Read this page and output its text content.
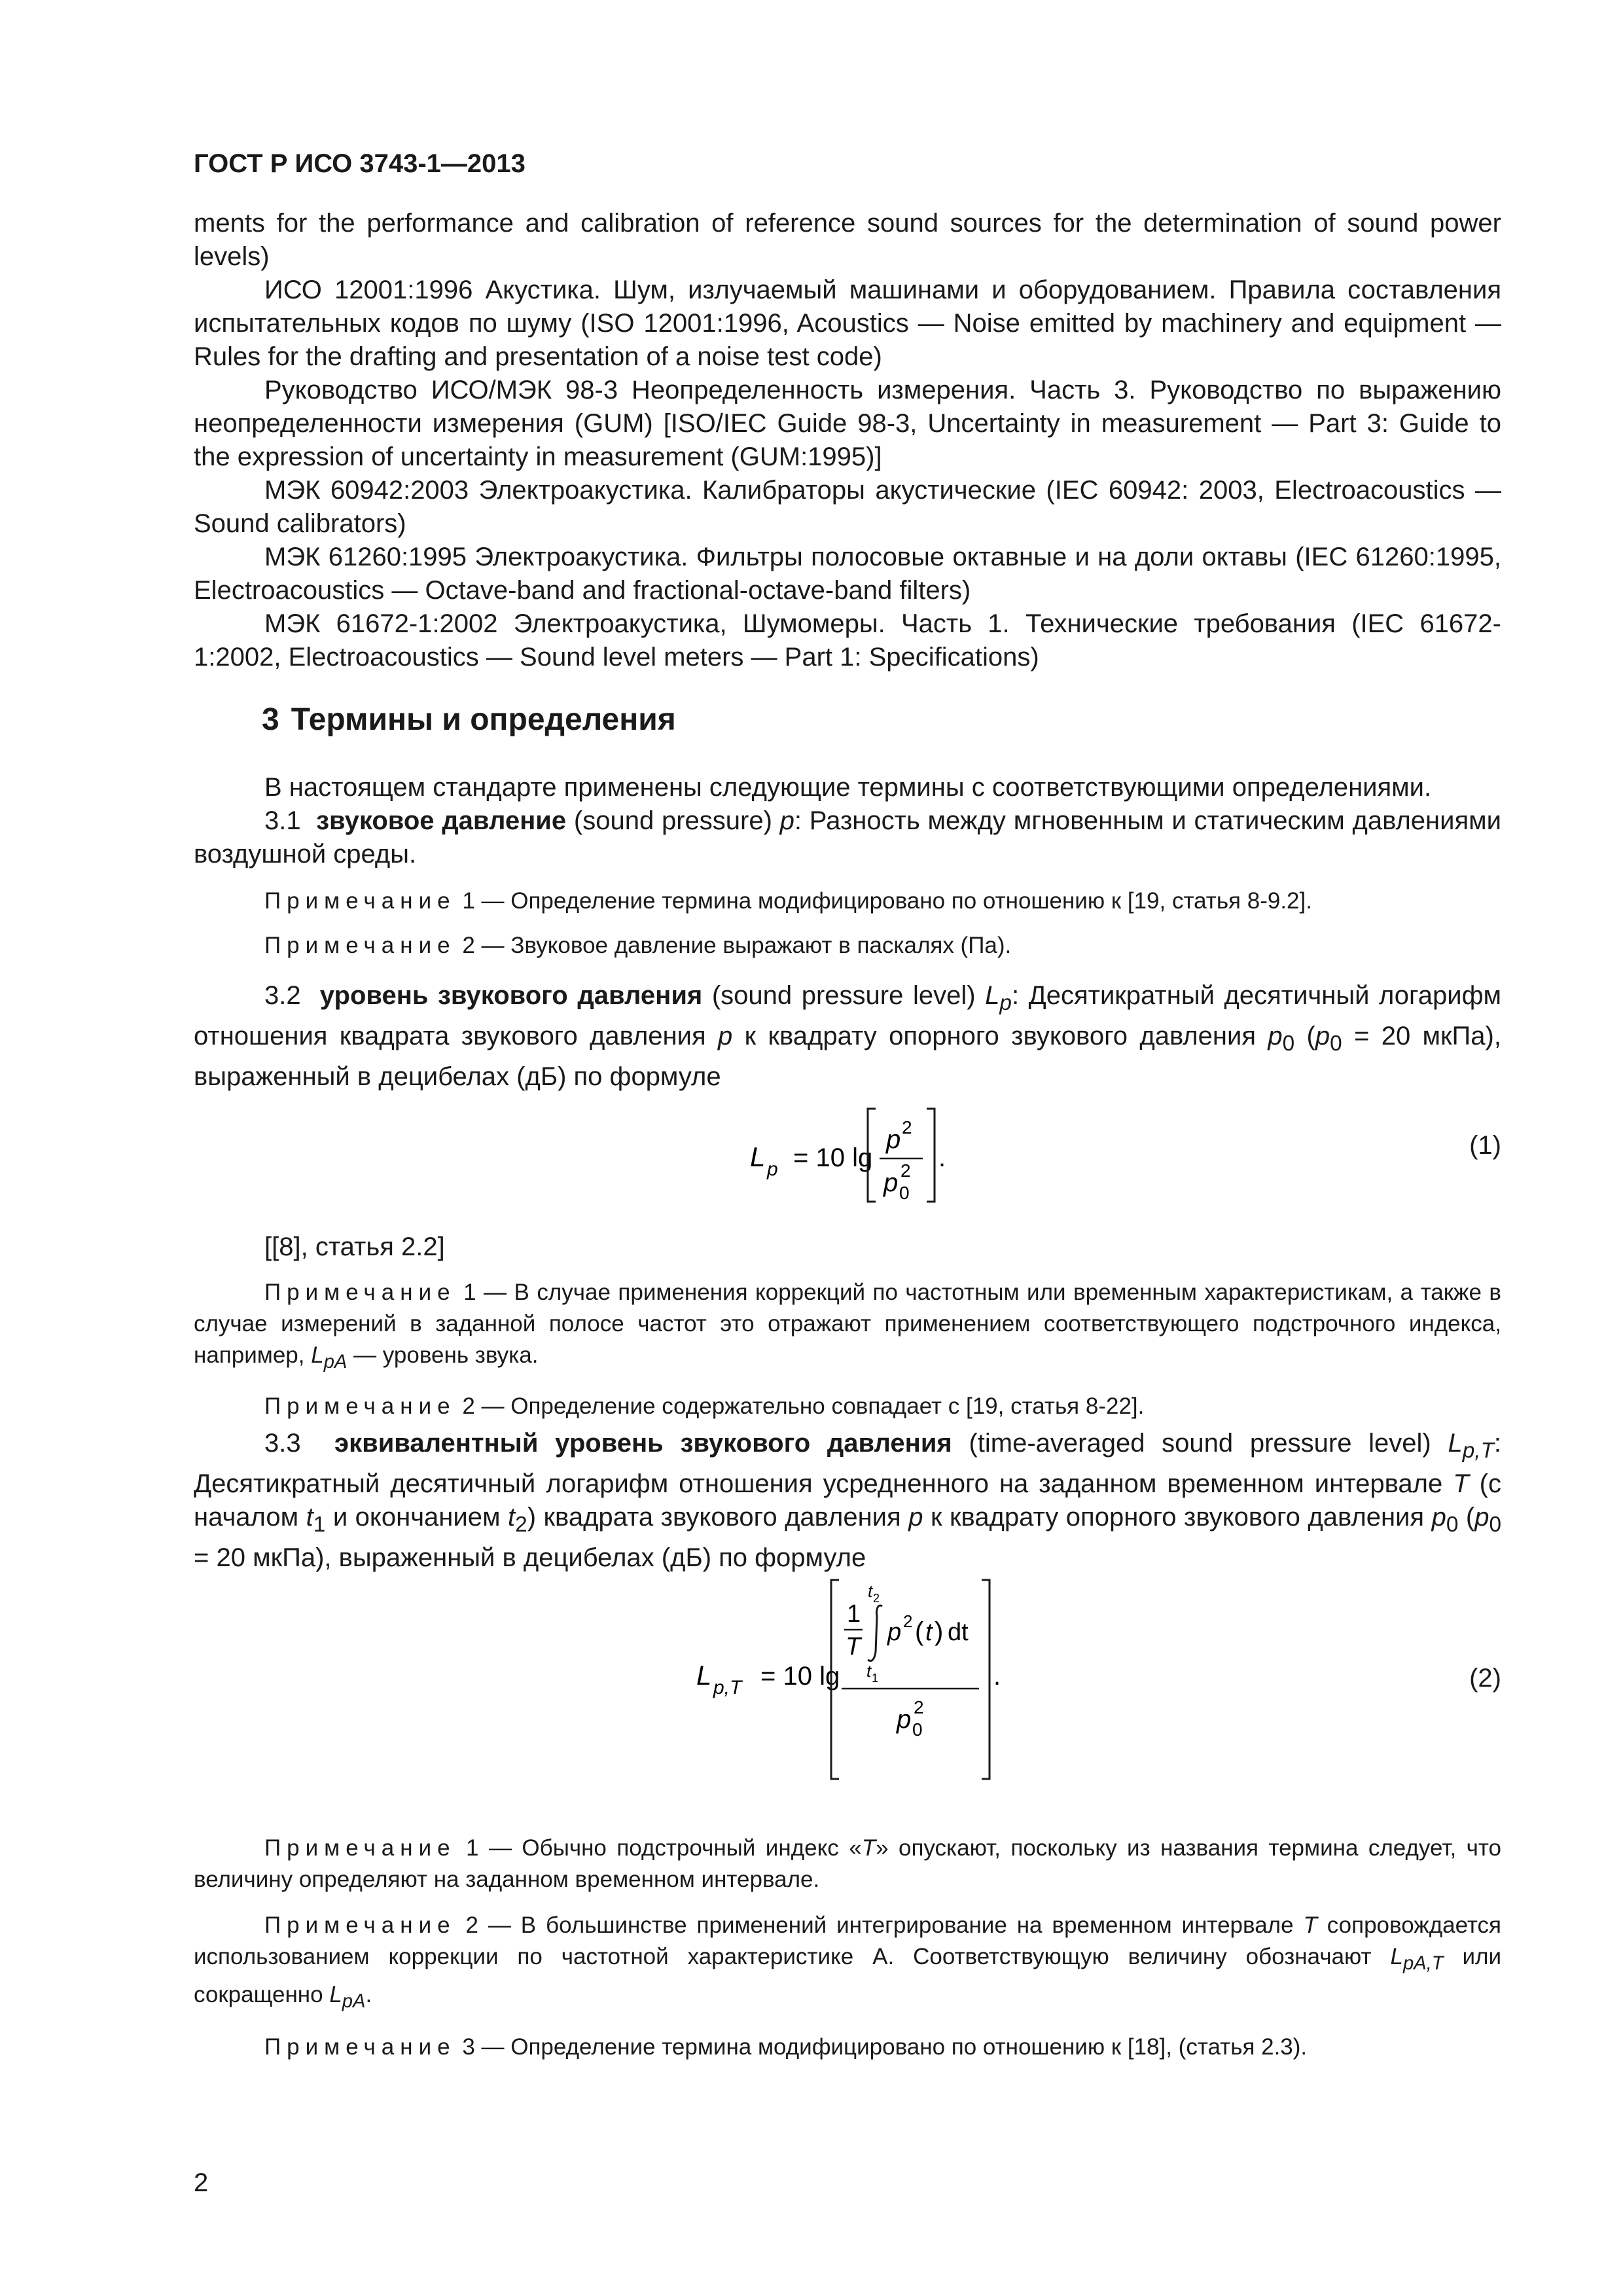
ГОСТ Р ИСО 3743-1—2013
ments for the performance and calibration of reference sound sources for the determination of sound power levels)
ИСО 12001:1996 Акустика. Шум, излучаемый машинами и оборудованием. Правила составления испытательных кодов по шуму (ISO 12001:1996, Acoustics — Noise emitted by machinery and equipment — Rules for the drafting and presentation of a noise test code)
Руководство ИСО/МЭК 98-3 Неопределенность измерения. Часть 3. Руководство по выражению неопределенности измерения (GUM) [ISO/IEC Guide 98-3, Uncertainty in measurement — Part 3: Guide to the expression of uncertainty in measurement (GUM:1995)]
МЭК 60942:2003 Электроакустика. Калибраторы акустические (IEC 60942: 2003, Electroacoustics — Sound calibrators)
МЭК 61260:1995 Электроакустика. Фильтры полосовые октавные и на доли октавы (IEC 61260:1995, Electroacoustics — Octave-band and fractional-octave-band filters)
МЭК 61672-1:2002 Электроакустика, Шумомеры. Часть 1. Технические требования (IEC 61672-1:2002, Electroacoustics — Sound level meters — Part 1: Specifications)
3 Термины и определения
В настоящем стандарте применены следующие термины с соответствующими определениями.
3.1 звуковое давление (sound pressure) p: Разность между мгновенным и статическим давлениями воздушной среды.
Примечание 1 — Определение термина модифицировано по отношению к [19, статья 8-9.2].
Примечание 2 — Звуковое давление выражают в паскалях (Па).
3.2 уровень звукового давления (sound pressure level) $L_p$: Десятикратный десятичный логарифм отношения квадрата звукового давления p к квадрату опорного звукового давления $p_0$ ($p_0 = 20$ мкПа), выраженный в децибелах (дБ) по формуле
L p = 10 lg
p 2
p 0
2 .	(1)
[[8], статья 2.2]
Примечание 1 — В случае применения коррекций по частотным или временным характеристикам, а также в случае измерений в заданной полосе частот это отражают применением соответствующего подстрочного индекса, например, $L_{pA}$ — уровень звука.
Примечание 2 — Определение содержательно совпадает с [19, статья 8-22].
3.3 эквивалентный уровень звукового давления (time-averaged sound pressure level) $L_{p,T}$: Десятикратный десятичный логарифм отношения усредненного на заданном временном интервале T (с началом $t_1$ и окончанием $t_2$) квадрата звукового давления p к квадрату опорного звукового давления $p_0$ ($p_0 = 20$ мкПа), выраженный в децибелах (дБ) по формуле
L p,T = 10 lg
1
T
t 2
t 1
p 2 ( t ) dt
p 0
2
.	(2)
Примечание 1 — Обычно подстрочный индекс «T» опускают, поскольку из названия термина следует, что величину определяют на заданном временном интервале.
Примечание 2 — В большинстве применений интегрирование на временном интервале T сопровождается использованием коррекции по частотной характеристике А. Соответствующую величину обозначают $L_{pA,T}$ или сокращенно $L_{pA}$.
Примечание 3 — Определение термина модифицировано по отношению к [18], (статья 2.3).
2
